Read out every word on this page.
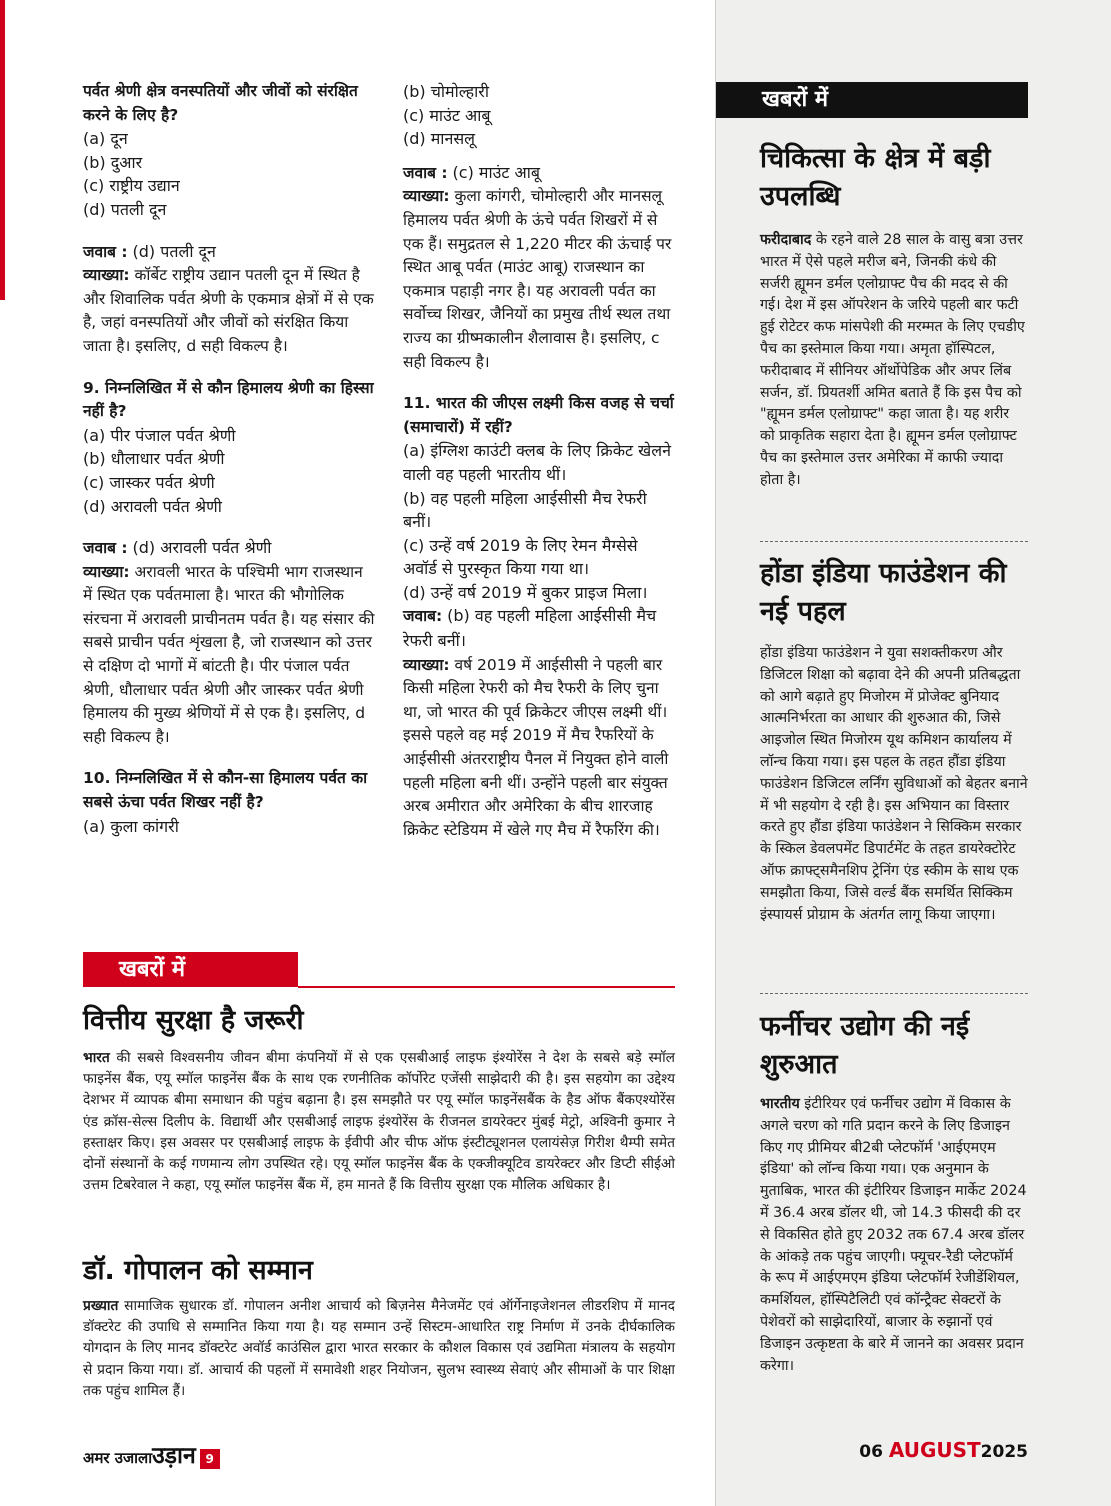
पर्वत श्रेणी क्षेत्र वनस्पतियों और जीवों को संरक्षित करने के लिए है?
(a) दून
(b) दुआर
(c) राष्ट्रीय उद्यान
(d) पतली दून
जवाब : (d) पतली दून
व्याख्या: कॉर्बेट राष्ट्रीय उद्यान पतली दून में स्थित है और शिवालिक पर्वत श्रेणी के एकमात्र क्षेत्रों में से एक है, जहां वनस्पतियों और जीवों को संरक्षित किया जाता है। इसलिए, d सही विकल्प है।
9. निम्नलिखित में से कौन हिमालय श्रेणी का हिस्सा नहीं है?
(a) पीर पंजाल पर्वत श्रेणी
(b) धौलाधार पर्वत श्रेणी
(c) जास्कर पर्वत श्रेणी
(d) अरावली पर्वत श्रेणी
जवाब : (d) अरावली पर्वत श्रेणी
व्याख्या: अरावली भारत के पश्चिमी भाग राजस्थान में स्थित एक पर्वतमाला है। भारत की भौगोलिक संरचना में अरावली प्राचीनतम पर्वत है। यह संसार की सबसे प्राचीन पर्वत शृंखला है, जो राजस्थान को उत्तर से दक्षिण दो भागों में बांटती है। पीर पंजाल पर्वत श्रेणी, धौलाधार पर्वत श्रेणी और जास्कर पर्वत श्रेणी हिमालय की मुख्य श्रेणियों में से एक है। इसलिए, d सही विकल्प है।
10. निम्नलिखित में से कौन-सा हिमालय पर्वत का सबसे ऊंचा पर्वत शिखर नहीं है?
(a) कुला कांगरी
(b) चोमोल्हारी
(c) माउंट आबू
(d) मानसलू
जवाब : (c) माउंट आबू
व्याख्या: कुला कांगरी, चोमोल्हारी और मानसलू हिमालय पर्वत श्रेणी के ऊंचे पर्वत शिखरों में से एक हैं। समुद्रतल से 1,220 मीटर की ऊंचाई पर स्थित आबू पर्वत (माउंट आबू) राजस्थान का एकमात्र पहाड़ी नगर है। यह अरावली पर्वत का सर्वोच्च शिखर, जैनियों का प्रमुख तीर्थ स्थल तथा राज्य का ग्रीष्मकालीन शैलावास है। इसलिए, c सही विकल्प है।
11. भारत की जीएस लक्ष्मी किस वजह से चर्चा (समाचारों) में रहीं?
(a) इंग्लिश काउंटी क्लब के लिए क्रिकेट खेलने वाली वह पहली भारतीय थीं।
(b) वह पहली महिला आईसीसी मैच रेफरी बनीं।
(c) उन्हें वर्ष 2019 के लिए रेमन मैग्सेसे अवॉर्ड से पुरस्कृत किया गया था।
(d) उन्हें वर्ष 2019 में बुकर प्राइज मिला।
जवाब: (b) वह पहली महिला आईसीसी मैच रेफरी बनीं।
व्याख्या: वर्ष 2019 में आईसीसी ने पहली बार किसी महिला रेफरी को मैच रैफरी के लिए चुना था, जो भारत की पूर्व क्रिकेटर जीएस लक्ष्मी थीं। इससे पहले वह मई 2019 में मैच रैफरियों के आईसीसी अंतरराष्ट्रीय पैनल में नियुक्त होने वाली पहली महिला बनी थीं। उन्होंने पहली बार संयुक्त अरब अमीरात और अमेरिका के बीच शारजाह क्रिकेट स्टेडियम में खेले गए मैच में रैफरिंग की।
खबरों में
चिकित्सा के क्षेत्र में बड़ी उपलब्धि
फरीदाबाद के रहने वाले 28 साल के वासु बत्रा उत्तर भारत में ऐसे पहले मरीज बने, जिनकी कंधे की सर्जरी ह्यूमन डर्मल एलोग्राफ्ट पैच की मदद से की गई। देश में इस ऑपरेशन के जरिये पहली बार फटी हुई रोटेटर कफ मांसपेशी की मरम्मत के लिए एचडीए पैच का इस्तेमाल किया गया। अमृता हॉस्पिटल, फरीदाबाद में सीनियर ऑर्थोपेडिक और अपर लिंब सर्जन, डॉ. प्रियतर्शी अमित बताते हैं कि इस पैच को "ह्यूमन डर्मल एलोग्राफ्ट" कहा जाता है। यह शरीर को प्राकृतिक सहारा देता है। ह्यूमन डर्मल एलोग्राफ्ट पैच का इस्तेमाल उत्तर अमेरिका में काफी ज्यादा होता है।
होंडा इंडिया फाउंडेशन की नई पहल
होंडा इंडिया फाउंडेशन ने युवा सशक्तीकरण और डिजिटल शिक्षा को बढ़ावा देने की अपनी प्रतिबद्धता को आगे बढ़ाते हुए मिजोरम में प्रोजेक्ट बुनियाद आत्मनिर्भरता का आधार की शुरुआत की, जिसे आइजोल स्थित मिजोरम यूथ कमिशन कार्यालय में लॉन्च किया गया। इस पहल के तहत हौंडा इंडिया फाउंडेशन डिजिटल लर्निंग सुविधाओं को बेहतर बनाने में भी सहयोग दे रही है। इस अभियान का विस्तार करते हुए हौंडा इंडिया फाउंडेशन ने सिक्किम सरकार के स्किल डेवलपमेंट डिपार्टमेंट के तहत डायरेक्टोरेट ऑफ क्राफ्ट्समैनशिप ट्रेनिंग एंड स्कीम के साथ एक समझौता किया, जिसे वर्ल्ड बैंक समर्थित सिक्किम इंस्पायर्स प्रोग्राम के अंतर्गत लागू किया जाएगा।
फर्नीचर उद्योग की नई शुरुआत
भारतीय इंटीरियर एवं फर्नीचर उद्योग में विकास के अगले चरण को गति प्रदान करने के लिए डिजाइन किए गए प्रीमियर बी2बी प्लेटफॉर्म 'आईएमएम इंडिया' को लॉन्च किया गया। एक अनुमान के मुताबिक, भारत की इंटीरियर डिजाइन मार्केट 2024 में 36.4 अरब डॉलर थी, जो 14.3 फीसदी की दर से विकसित होते हुए 2032 तक 67.4 अरब डॉलर के आंकड़े तक पहुंच जाएगी। फ्यूचर-रैडी प्लेटफॉर्म के रूप में आईएमएम इंडिया प्लेटफॉर्म रेजीडेंशियल, कमर्शियल, हॉस्पिटैलिटी एवं कॉन्ट्रैक्ट सेक्टरों के पेशेवरों को साझेदारियों, बाजार के रुझानों एवं डिजाइन उत्कृष्टता के बारे में जानने का अवसर प्रदान करेगा।
खबरों में
वित्तीय सुरक्षा है जरूरी
भारत की सबसे विश्वसनीय जीवन बीमा कंपनियों में से एक एसबीआई लाइफ इंश्योरेंस ने देश के सबसे बड़े स्मॉल फाइनेंस बैंक, एयू स्मॉल फाइनेंस बैंक के साथ एक रणनीतिक कॉर्पोरेट एजेंसी साझेदारी की है। इस सहयोग का उद्देश्य देशभर में व्यापक बीमा समाधान की पहुंच बढ़ाना है। इस समझौते पर एयू स्मॉल फाइनेंसबैंक के हैड ऑफ बैंकएश्योरेंस एंड क्रॉस-सेल्स दिलीप के. विद्यार्थी और एसबीआई लाइफ इंश्योरेंस के रीजनल डायरेक्टर मुंबई मेट्रो, अश्विनी कुमार ने हस्ताक्षर किए। इस अवसर पर एसबीआई लाइफ के ईवीपी और चीफ ऑफ इंस्टीट्यूशनल एलायंसेज़ गिरीश थैम्पी समेत दोनों संस्थानों के कई गणमान्य लोग उपस्थित रहे। एयू स्मॉल फाइनेंस बैंक के एक्जीक्यूटिव डायरेक्टर और डिप्टी सीईओ उत्तम टिबरेवाल ने कहा, एयू स्मॉल फाइनेंस बैंक में, हम मानते हैं कि वित्तीय सुरक्षा एक मौलिक अधिकार है।
डॉ. गोपालन को सम्मान
प्रख्यात सामाजिक सुधारक डॉ. गोपालन अनीश आचार्य को बिज़नेस मैनेजमेंट एवं ऑर्गेनाइजेशनल लीडरशिप में मानद डॉक्टरेट की उपाधि से सम्मानित किया गया है। यह सम्मान उन्हें सिस्टम-आधारित राष्ट्र निर्माण में उनके दीर्घकालिक योगदान के लिए मानद डॉक्टरेट अवॉर्ड काउंसिल द्वारा भारत सरकार के कौशल विकास एवं उद्यमिता मंत्रालय के सहयोग से प्रदान किया गया। डॉ. आचार्य की पहलों में समावेशी शहर नियोजन, सुलभ स्वास्थ्य सेवाएं और सीमाओं के पार शिक्षा तक पहुंच शामिल हैं।
अमर उजालाउड़ान 9	06 AUGUST2025
